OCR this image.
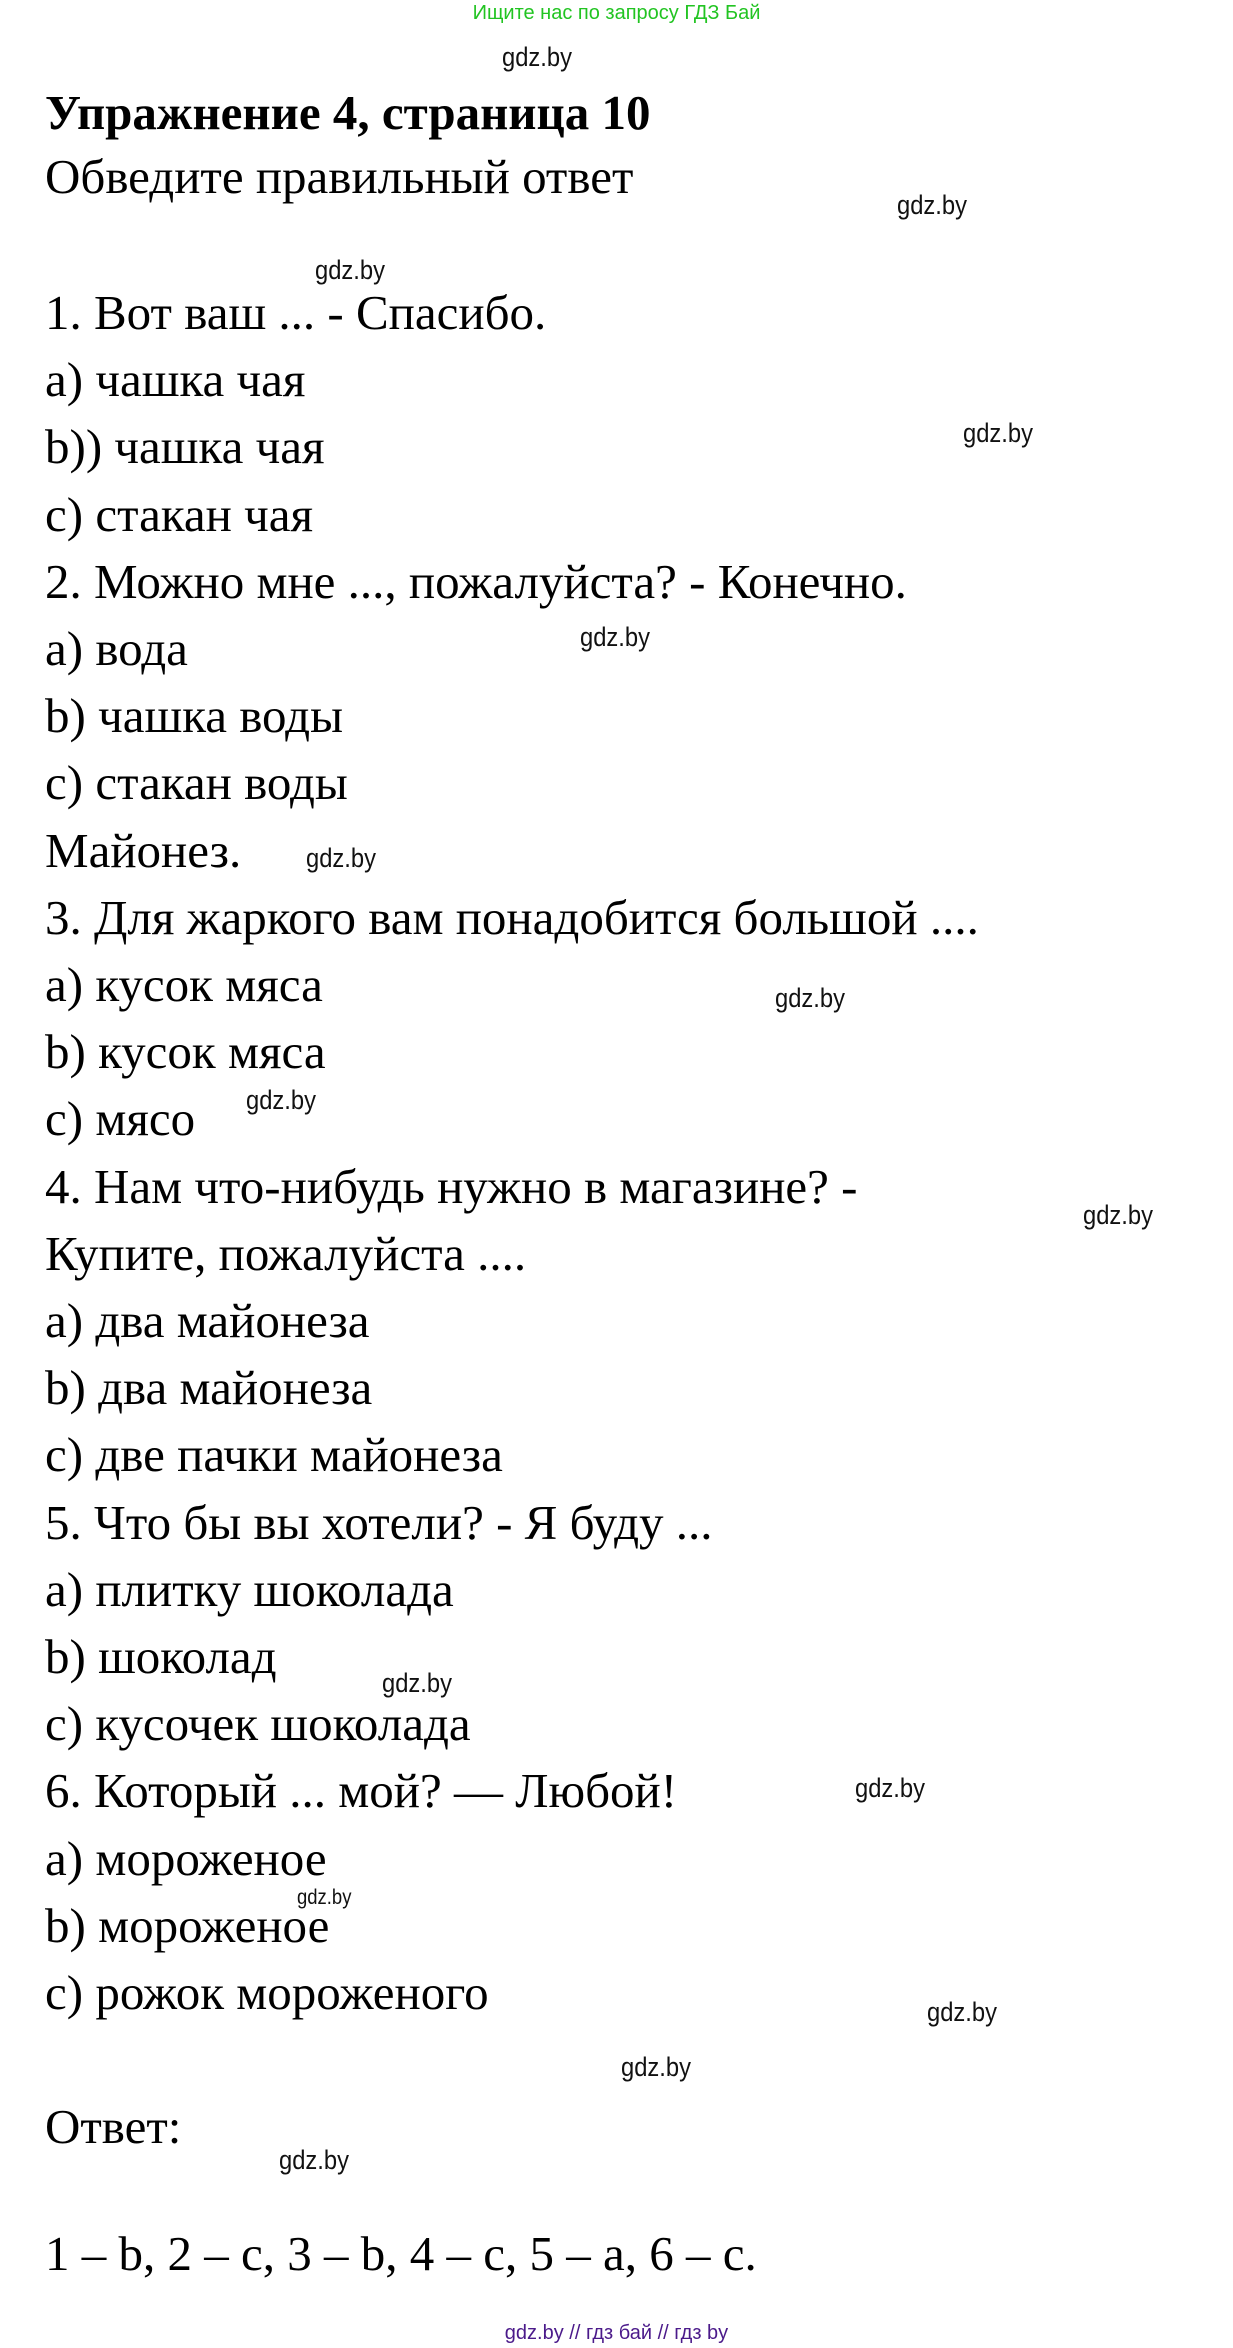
Ищите нас по запросу ГДЗ Бай
Упражнение 4, страница 10
Обведите правильный ответ
1. Вот ваш ... - Спасибо.
a) чашка чая
b)) чашка чая
c) стакан чая
2. Можно мне ..., пожалуйста? - Конечно.
a) вода
b) чашка воды
c) стакан воды
Майонез.
3. Для жаркого вам понадобится большой ....
a) кусок мяса
b) кусок мяса
c) мясо
4. Нам что-нибудь нужно в магазине? -
Купите, пожалуйста ....
a) два майонеза
b) два майонеза
c) две пачки майонеза
5. Что бы вы хотели? - Я буду ...
a) плитку шоколада
b) шоколад
c) кусочек шоколада
6. Который ... мой? — Любой!
a) мороженое
b) мороженое
c) рожок мороженого
Ответ:
1 – b, 2 – c, 3 – b, 4 – c, 5 – a, 6 – c.
gdz.by
gdz.by
gdz.by
gdz.by
gdz.by
gdz.by
gdz.by
gdz.by
gdz.by
gdz.by
gdz.by
gdz.by
gdz.by
gdz.by
gdz.by
gdz.by // гдз бай // гдз by
